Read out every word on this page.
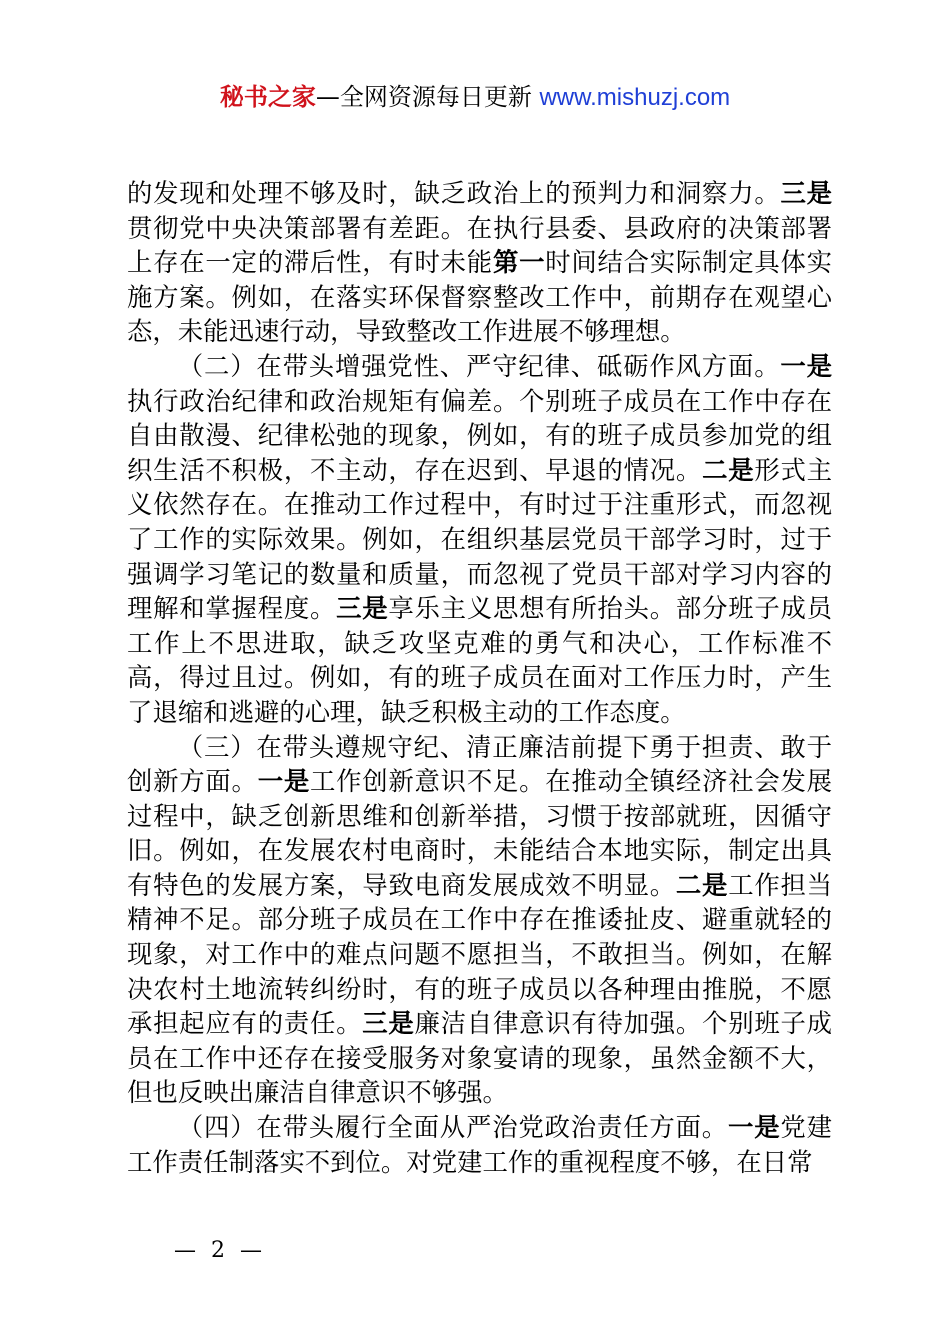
秘书之家—全网资源每日更新 www.mishuzj.com

的发现和处理不够及时，缺乏政治上的预判力和洞察力。三是贯彻党中央决策部署有差距。在执行县委、县政府的决策部署上存在一定的滞后性，有时未能第一时间结合实际制定具体实施方案。例如，在落实环保督察整改工作中，前期存在观望心态，未能迅速行动，导致整改工作进展不够理想。

（二）在带头增强党性、严守纪律、砥砺作风方面。一是执行政治纪律和政治规矩有偏差。个别班子成员在工作中存在自由散漫、纪律松弛的现象，例如，有的班子成员参加党的组织生活不积极，不主动，存在迟到、早退的情况。二是形式主义依然存在。在推动工作过程中，有时过于注重形式，而忽视了工作的实际效果。例如，在组织基层党员干部学习时，过于强调学习笔记的数量和质量，而忽视了党员干部对学习内容的理解和掌握程度。三是享乐主义思想有所抬头。部分班子成员工作上不思进取，缺乏攻坚克难的勇气和决心，工作标准不高，得过且过。例如，有的班子成员在面对工作压力时，产生了退缩和逃避的心理，缺乏积极主动的工作态度。

（三）在带头遵规守纪、清正廉洁前提下勇于担责、敢于创新方面。一是工作创新意识不足。在推动全镇经济社会发展过程中，缺乏创新思维和创新举措，习惯于按部就班，因循守旧。例如，在发展农村电商时，未能结合本地实际，制定出具有特色的发展方案，导致电商发展成效不明显。二是工作担当精神不足。部分班子成员在工作中存在推诿扯皮、避重就轻的现象，对工作中的难点问题不愿担当，不敢担当。例如，在解决农村土地流转纠纷时，有的班子成员以各种理由推脱，不愿承担起应有的责任。三是廉洁自律意识有待加强。个别班子成员在工作中还存在接受服务对象宴请的现象，虽然金额不大，但也反映出廉洁自律意识不够强。

（四）在带头履行全面从严治党政治责任方面。一是党建工作责任制落实不到位。对党建工作的重视程度不够，在日常

— 2 —
